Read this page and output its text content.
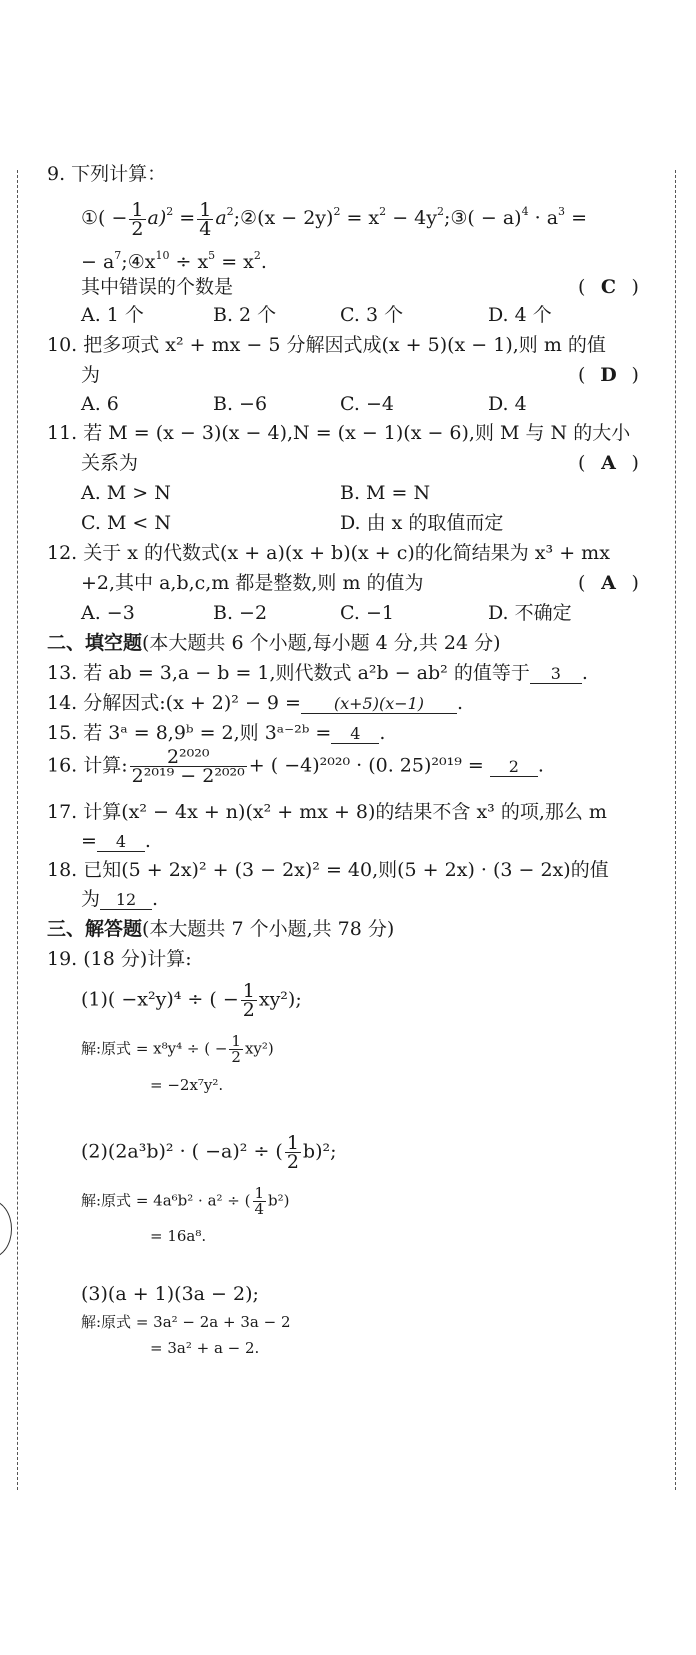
9. 下列计算：
①( − $\frac{1}{2} a)^2 = \frac{1}{4}$ $a^2;②(x - 2y)^2 = x^2$ − $4y^2;③( - a)^4 \cdot a^3$ =
− $a^7;④x^{10} \div x^5 = x^2$.
其中错误的个数是	( C )
A. 1 个	B. 2 个	C. 3 个	D. 4 个
10. 把多项式 x² + mx − 5 分解因式成(x + 5)(x − 1),则 m 的值
为	( D )
A. 6	B. −6	C. −4	D. 4
11. 若 M = (x − 3)(x − 4),N = (x − 1)(x − 6),则 M 与 N 的大小
关系为	( A )
A. M > N	B. M = N
C. M < N	D. 由 x 的取值而定
12. 关于 x 的代数式(x + a)(x + b)(x + c)的化简结果为 x³ + mx
+2,其中 a,b,c,m 都是整数,则 m 的值为	( A )
A. −3	B. −2	C. −1	D. 不确定
二、填空题(本大题共 6 个小题,每小题 4 分,共 24 分)
13. 若 ab = 3,a − b = 1,则代数式 a²b − ab² 的值等于 3 .
14. 分解因式:(x + 2)² − 9 = (x+5)(x−1) .
15. 若 3ᵃ = 8,9ᵇ = 2,则 3ᵃ⁻²ᵇ = 4 .
16. 计算: $\frac{\text{2²⁰²⁰}}{\text{2²⁰¹⁹ − 2²⁰²⁰}}$ + ( −4)²⁰²⁰ · (0. 25)²⁰¹⁹ = 2 .
17. 计算(x² − 4x + n)(x² + mx + 8)的结果不含 x³ 的项,那么 m
= 4 .
18. 已知(5 + 2x)² + (3 − 2x)² = 40,则(5 + 2x) · (3 − 2x)的值
为 12 .
三、解答题(本大题共 7 个小题,共 78 分)
19. (18 分)计算:
(1)( −x²y)⁴ ÷ ( − $\frac{1}{2} xy^2$);
解:原式 = x⁸y⁴ ÷ ( − $\frac{1}{2} xy^2$)
= −2x⁷y².
(2)(2a³b)² · ( −a)² ÷ ( $\frac{1}{2} b)^2$;
解:原式 = 4a⁶b² · a² ÷ ( $\frac{1}{4} b^2$)
= 16a⁸.
(3)(a + 1)(3a − 2);
解:原式 = 3a² − 2a + 3a − 2
= 3a² + a − 2.
